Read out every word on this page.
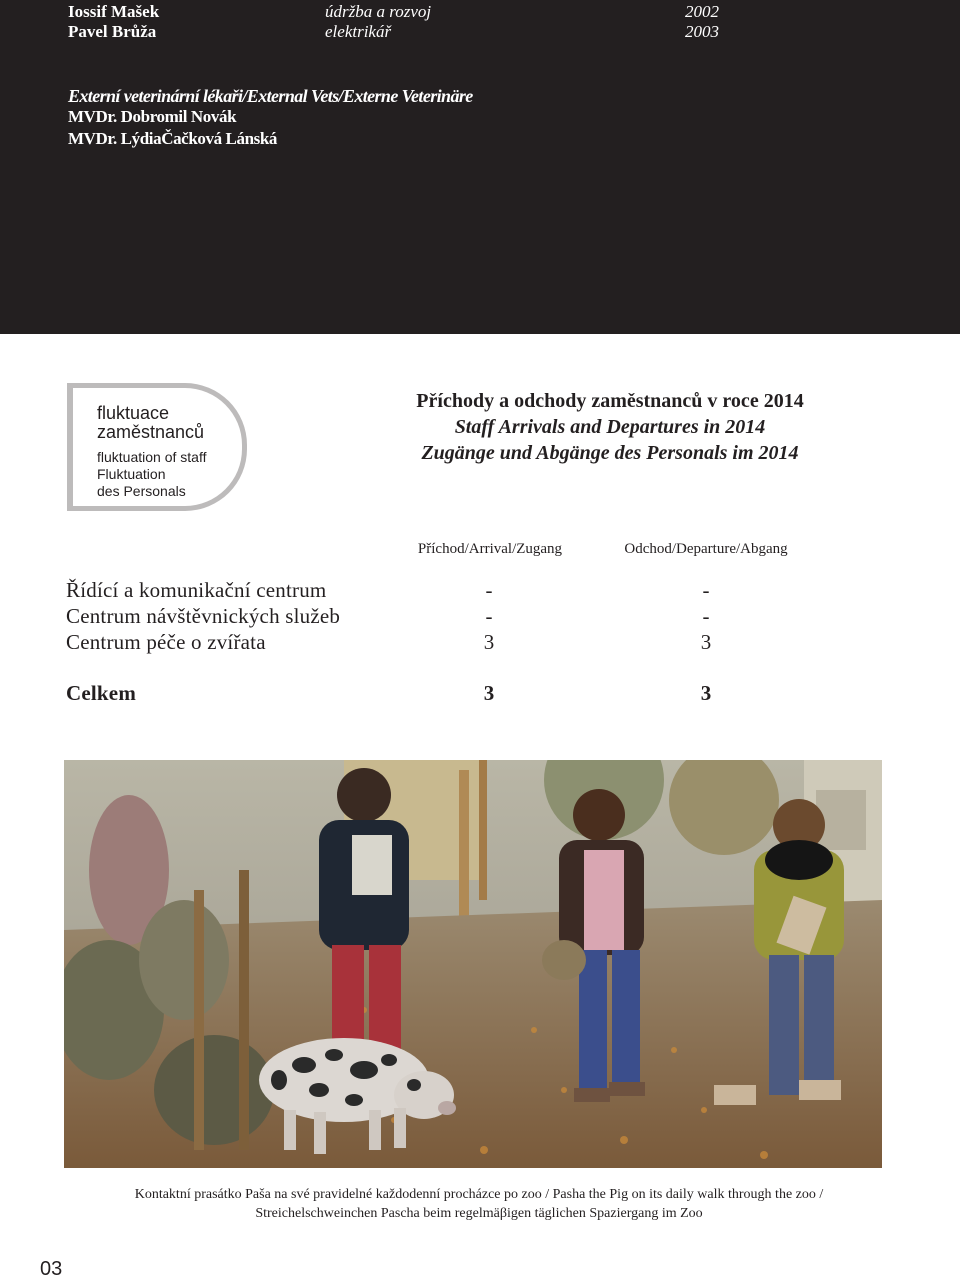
Iossif Mašek	údržba a rozvoj	2002
Pavel Brůža	elektrikář	2003
Externí veterinární lékaři/External Vets/Externe Veterinäre
MVDr. Dobromil Novák
MVDr. LýdiaČačková Lánská
fluktuace
zaměstnanců
fluktuation of staff
Fluktuation
des Personals
Příchody a odchody zaměstnanců v roce 2014
Staff Arrivals and Departures in 2014
Zugänge und Abgänge des Personals im 2014
Příchod/Arrival/Zugang	Odchod/Departure/Abgang
Řídící a komunikační centrum	-	-
Centrum návštěvnických služeb	-	-
Centrum péče o zvířata	3	3
Celkem	3	3
Kontaktní prasátko Paša na své pravidelné každodenní procházce po zoo / Pasha the Pig on its daily walk through the zoo /
Streichelschweinchen Pascha beim regelmäβigen täglichen Spaziergang im Zoo
03
